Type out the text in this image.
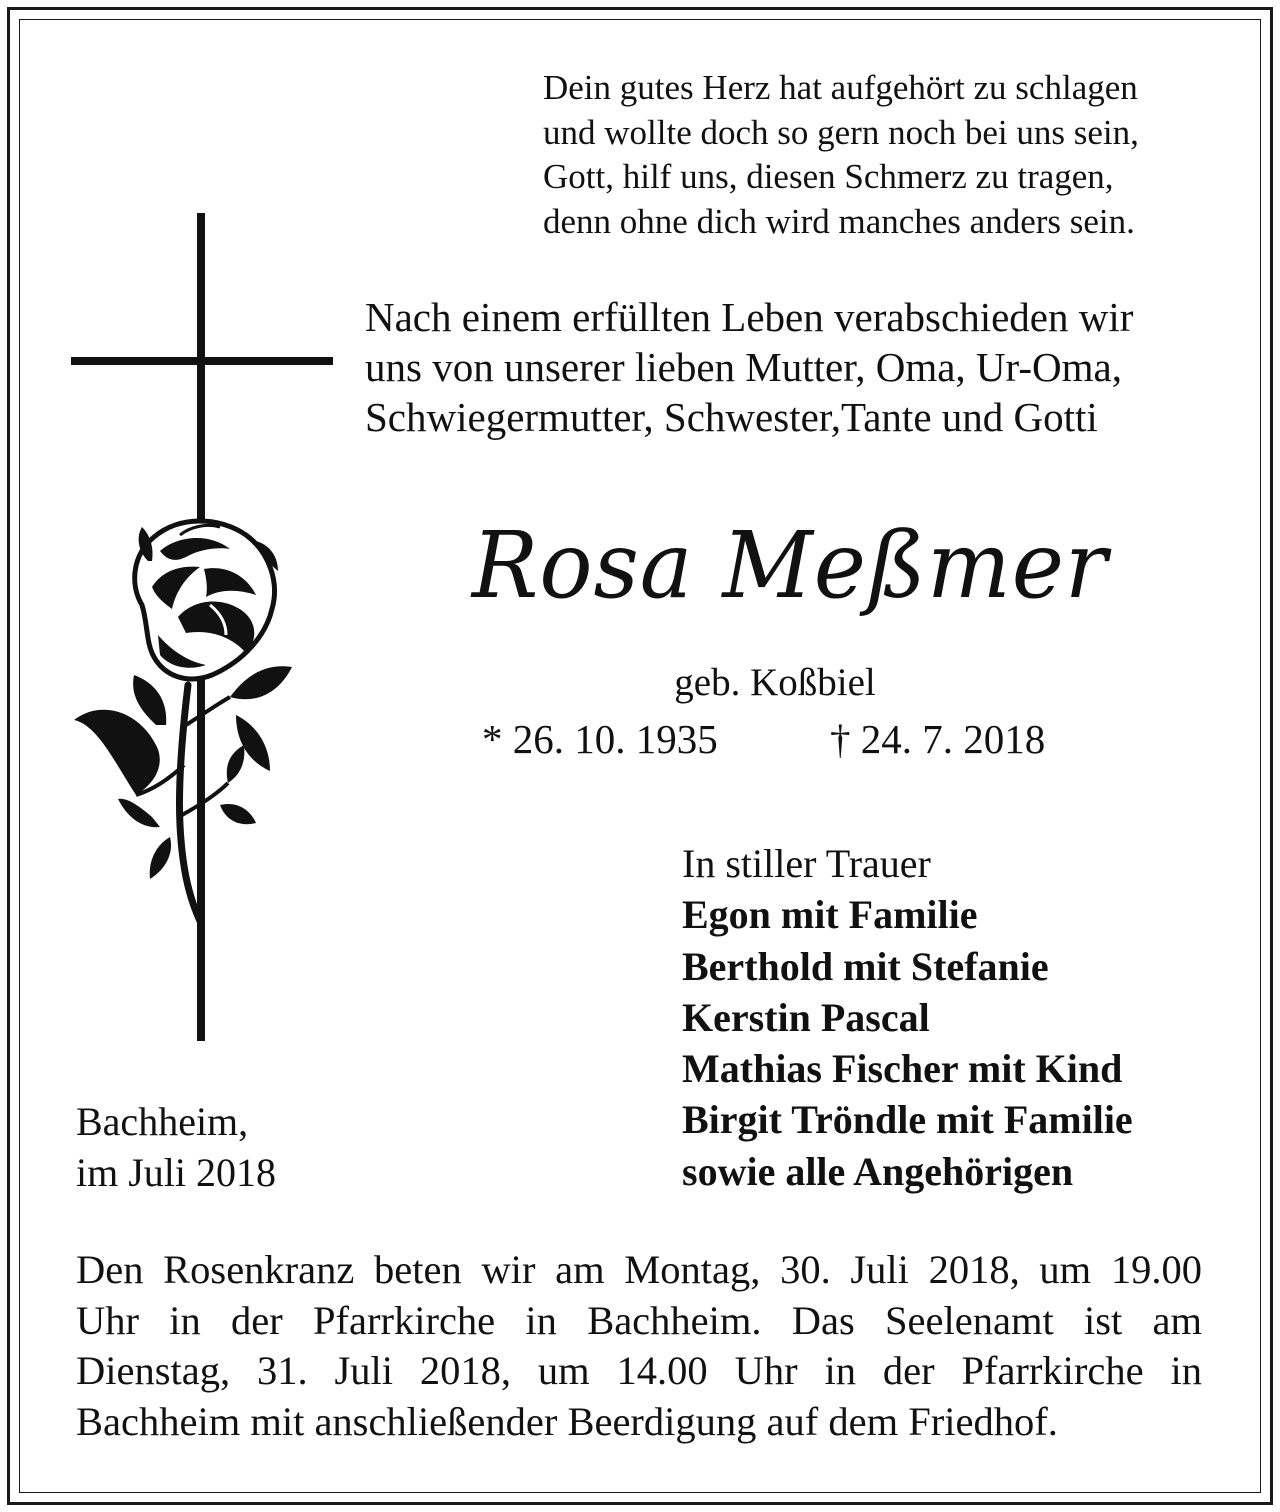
Dein gutes Herz hat aufgehört zu schlagen
und wollte doch so gern noch bei uns sein,
Gott, hilf uns, diesen Schmerz zu tragen,
denn ohne dich wird manches anders sein.
Nach einem erfüllten Leben verabschieden wir
uns von unserer lieben Mutter, Oma, Ur-Oma,
Schwiegermutter, Schwester,Tante und Gotti
Rosa Meßmer
geb. Koßbiel
* 26. 10. 1935	† 24. 7. 2018
In stiller Trauer
Egon mit Familie
Berthold mit Stefanie
Kerstin Pascal
Mathias Fischer mit Kind
Birgit Tröndle mit Familie
sowie alle Angehörigen
Bachheim,
im Juli 2018
Den Rosenkranz beten wir am Montag, 30. Juli 2018, um 19.00
Uhr in der Pfarrkirche in Bachheim. Das Seelenamt ist am
Dienstag, 31. Juli 2018, um 14.00 Uhr in der Pfarrkirche in
Bachheim mit anschließender Beerdigung auf dem Friedhof.
